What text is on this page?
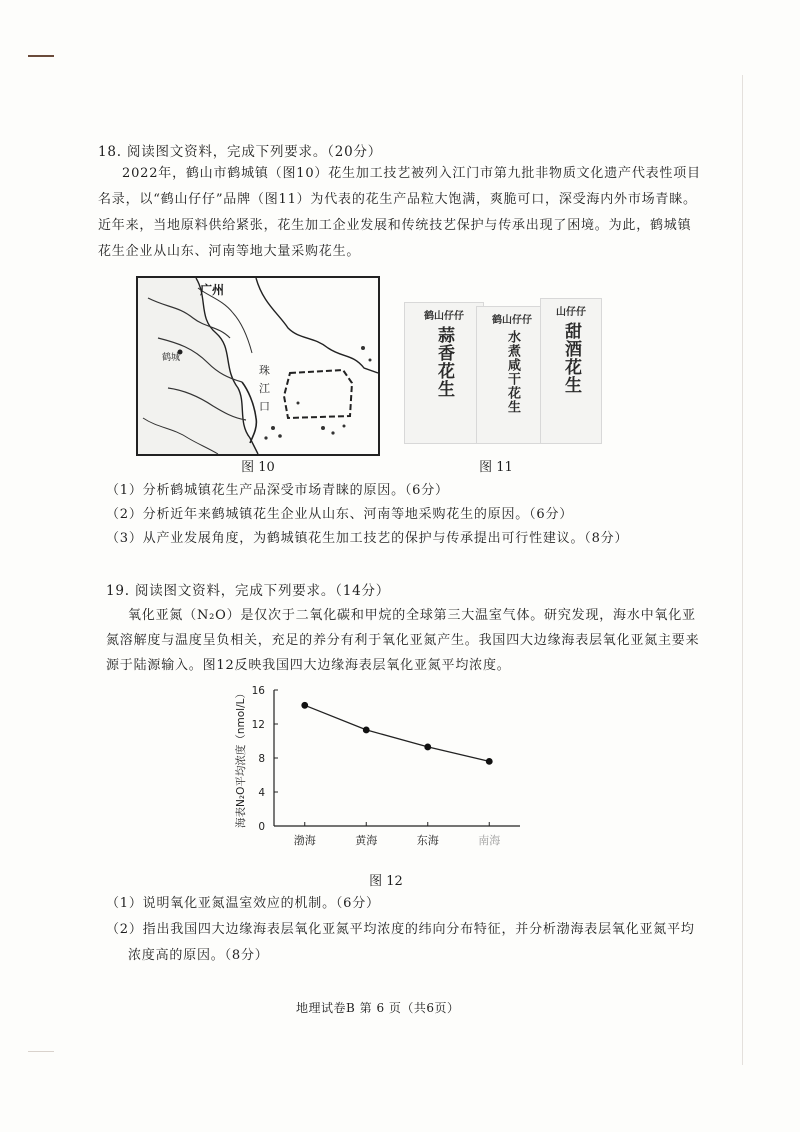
18. 阅读图文资料，完成下列要求。（20分）
2022年，鹤山市鹤城镇（图10）花生加工技艺被列入江门市第九批非物质文化遗产代表性项目
名录，以“鹤山仔仔”品牌（图11）为代表的花生产品粒大饱满，爽脆可口，深受海内外市场青睐。
近年来，当地原料供给紧张，花生加工企业发展和传统技艺保护与传承出现了困境。为此，鹤城镇
花生企业从山东、河南等地大量采购花生。
广州
鹤城
珠
江
口
图 10
鹤山仔仔
蒜香花生
鹤山仔仔
水煮咸干花生
山仔仔
甜酒花生
图 11
（1）分析鹤城镇花生产品深受市场青睐的原因。（6分）
（2）分析近年来鹤城镇花生企业从山东、河南等地采购花生的原因。（6分）
（3）从产业发展角度，为鹤城镇花生加工技艺的保护与传承提出可行性建议。（8分）
19. 阅读图文资料，完成下列要求。（14分）
氧化亚氮（N₂O）是仅次于二氧化碳和甲烷的全球第三大温室气体。研究发现，海水中氧化亚
氮溶解度与温度呈负相关，充足的养分有利于氧化亚氮产生。我国四大边缘海表层氧化亚氮主要来
源于陆源输入。图12反映我国四大边缘海表层氧化亚氮平均浓度。
海表N₂O平均浓度（nmol/L） 0
4
8
12
16
渤海	黄海	东海	南海
图 12
（1）说明氧化亚氮温室效应的机制。（6分）
（2）指出我国四大边缘海表层氧化亚氮平均浓度的纬向分布特征，并分析渤海表层氧化亚氮平均
浓度高的原因。（8分）
地理试卷B 第 6 页（共6页）
